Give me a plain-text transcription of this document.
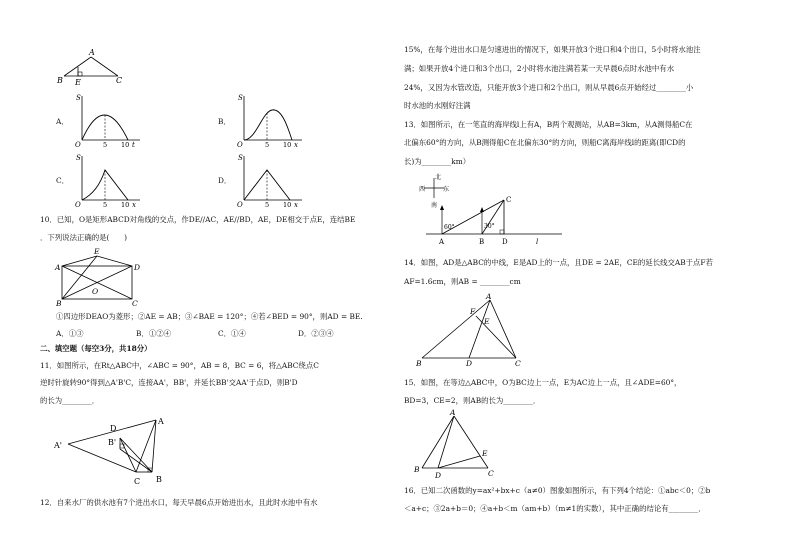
A
B E	C
A．
S
O	5 10 t
B．
S
O	5 10 x
C．
S
O	5 10 x
D．
S
O	5 10 x
10．已知，O是矩形ABCD对角线的交点，作DE//AC，AE//BD，AE，DE相交于点E，连结BE
．下列说法正确的是(　　)
A
E
D
B
O
C
①四边形DEAO为菱形；②AE = AB；③∠BAE = 120°；④若∠BED = 90°，则AD = BE.
A．①③	B．①②④	C．①④	D．②③④
二、填空题（每空3分，共18分）
11．如图所示，在Rt△ABC中，∠ABC = 90°，AB = 8，BC = 6，将△ABC绕点C
逆时针旋转90°得到△A'B'C，连接AA'，BB'，并延长BB'交AA'于点D，则B'D
的长为________．
A'
D
B'
A
C B
12．自来水厂的供水池有7个进出水口，每天早晨6点开始进出水，且此时水池中有水
15%，在每个进出水口是匀速进出的情况下，如果开放3个进口和4个出口，5小时将水池注
满；如果开放4个进口和3个出口，2小时将水池注满若某一天早晨6点时水池中有水
24%，又因为水管改造，只能开放3个进口和2个出口，则从早晨6点开始经过________小
时水池的水刚好注满
13．如图所示，在一笔直的海岸线l上有A，B两个观测站，从AB=3km，从A测得船C在
北偏东60°的方向，从B测得船C在北偏东30°的方向，则船C离海岸线l的距离(即CD的
长)为________km）
北
西	东
南
60°	30°
C
A	B	D	l
14．如图，AD是△ABC的中线，E是AD上的一点，且DE = 2AE，CE的延长线交AB于点F若
AF=1.6cm，则AB = ________cm
A
F
E
B	D	C
15．如图，在等边△ABC中，O为BC边上一点，E为AC边上一点，且∠ADE=60°，
BD=3，CE=2，则AB的长为________．
A
E
B
D	C
16．已知二次函数的y=ax²+bx+c（a≠0）图象如图所示，有下列4个结论：①abc＜0；②b
＜a+c；③2a+b＝0；④a+b＜m（am+b）（m≠1的实数），其中正确的结论有________．
